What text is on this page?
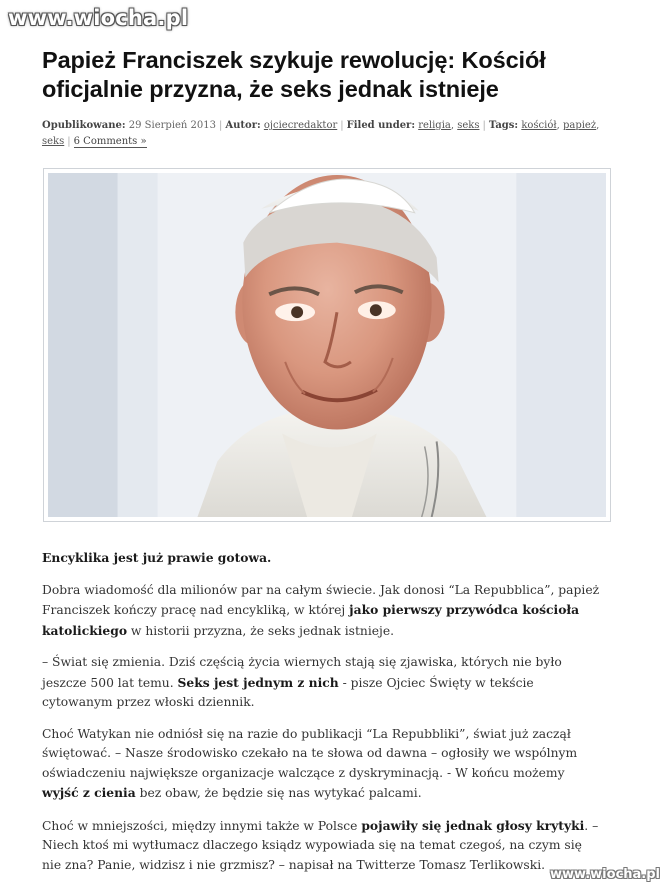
www.wiocha.pl
Papież Franciszek szykuje rewolucję: Kościół
oficjalnie przyzna, że seks jednak istnieje
Opublikowane: 29 Sierpień 2013 | Autor: ojciecredaktor | Filed under: religia, seks | Tags: kościół, papież,
seks | 6 Comments »

Encyklika jest już prawie gotowa.

Dobra wiadomość dla milionów par na całym świecie. Jak donosi “La Repubblica”, papież Franciszek kończy pracę nad encykliką, w której jako pierwszy przywódca kościoła katolickiego w historii przyzna, że seks jednak istnieje.

– Świat się zmienia. Dziś częścią życia wiernych stają się zjawiska, których nie było jeszcze 500 lat temu. Seks jest jednym z nich - pisze Ojciec Święty w tekście cytowanym przez włoski dziennik.

Choć Watykan nie odniósł się na razie do publikacji “La Repubbliki”, świat już zaczął świętować. – Nasze środowisko czekało na te słowa od dawna – ogłosiły we wspólnym oświadczeniu największe organizacje walczące z dyskryminacją. - W końcu możemy wyjść z cienia bez obaw, że będzie się nas wytykać palcami.

Choć w mniejszości, między innymi także w Polsce pojawiły się jednak głosy krytyki. – Niech ktoś mi wytłumacz dlaczego ksiądz wypowiada się na temat czegoś, na czym się nie zna? Panie, widzisz i nie grzmisz? – napisał na Twitterze Tomasz Terlikowski.

www.wiocha.pl
